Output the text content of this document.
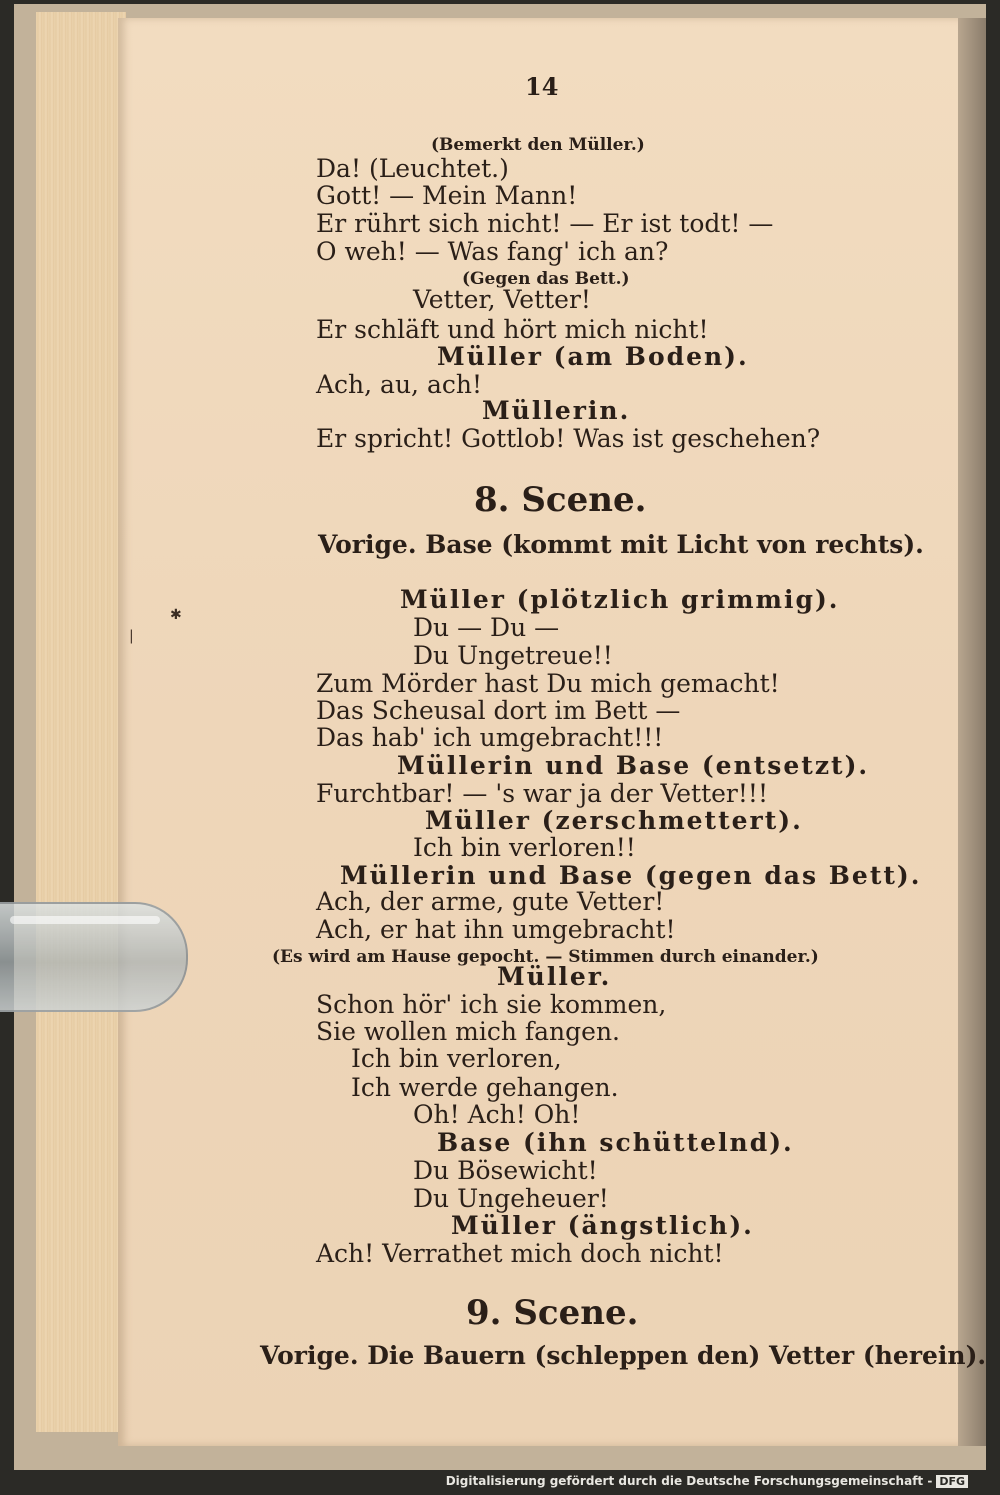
14
(Bemerkt den Müller.)
Da! (Leuchtet.)
Gott! — Mein Mann!
Er rührt sich nicht! — Er ist todt! —
O weh! — Was fang' ich an?
(Gegen das Bett.)
Vetter, Vetter!
Er schläft und hört mich nicht!
Müller (am Boden).
Ach, au, ach!
Müllerin.
Er spricht! Gottlob! Was ist geschehen?
8. Scene.
Vorige. Base (kommt mit Licht von rechts).
Müller (plötzlich grimmig).
Du — Du —
Du Ungetreue!!
Zum Mörder hast Du mich gemacht!
Das Scheusal dort im Bett —
Das hab' ich umgebracht!!!
Müllerin und Base (entsetzt).
Furchtbar! — 's war ja der Vetter!!!
Müller (zerschmettert).
Ich bin verloren!!
Müllerin und Base (gegen das Bett).
Ach, der arme, gute Vetter!
Ach, er hat ihn umgebracht!
(Es wird am Hause gepocht. — Stimmen durch einander.)
Müller.
Schon hör' ich sie kommen,
Sie wollen mich fangen.
Ich bin verloren,
Ich werde gehangen.
Oh! Ach! Oh!
Base (ihn schüttelnd).
Du Bösewicht!
Du Ungeheuer!
Müller (ängstlich).
Ach! Verrathet mich doch nicht!
9. Scene.
Vorige. Die Bauern (schleppen den) Vetter (herein).
✱
|
Digitalisierung gefördert durch die Deutsche Forschungsgemeinschaft - DFG
